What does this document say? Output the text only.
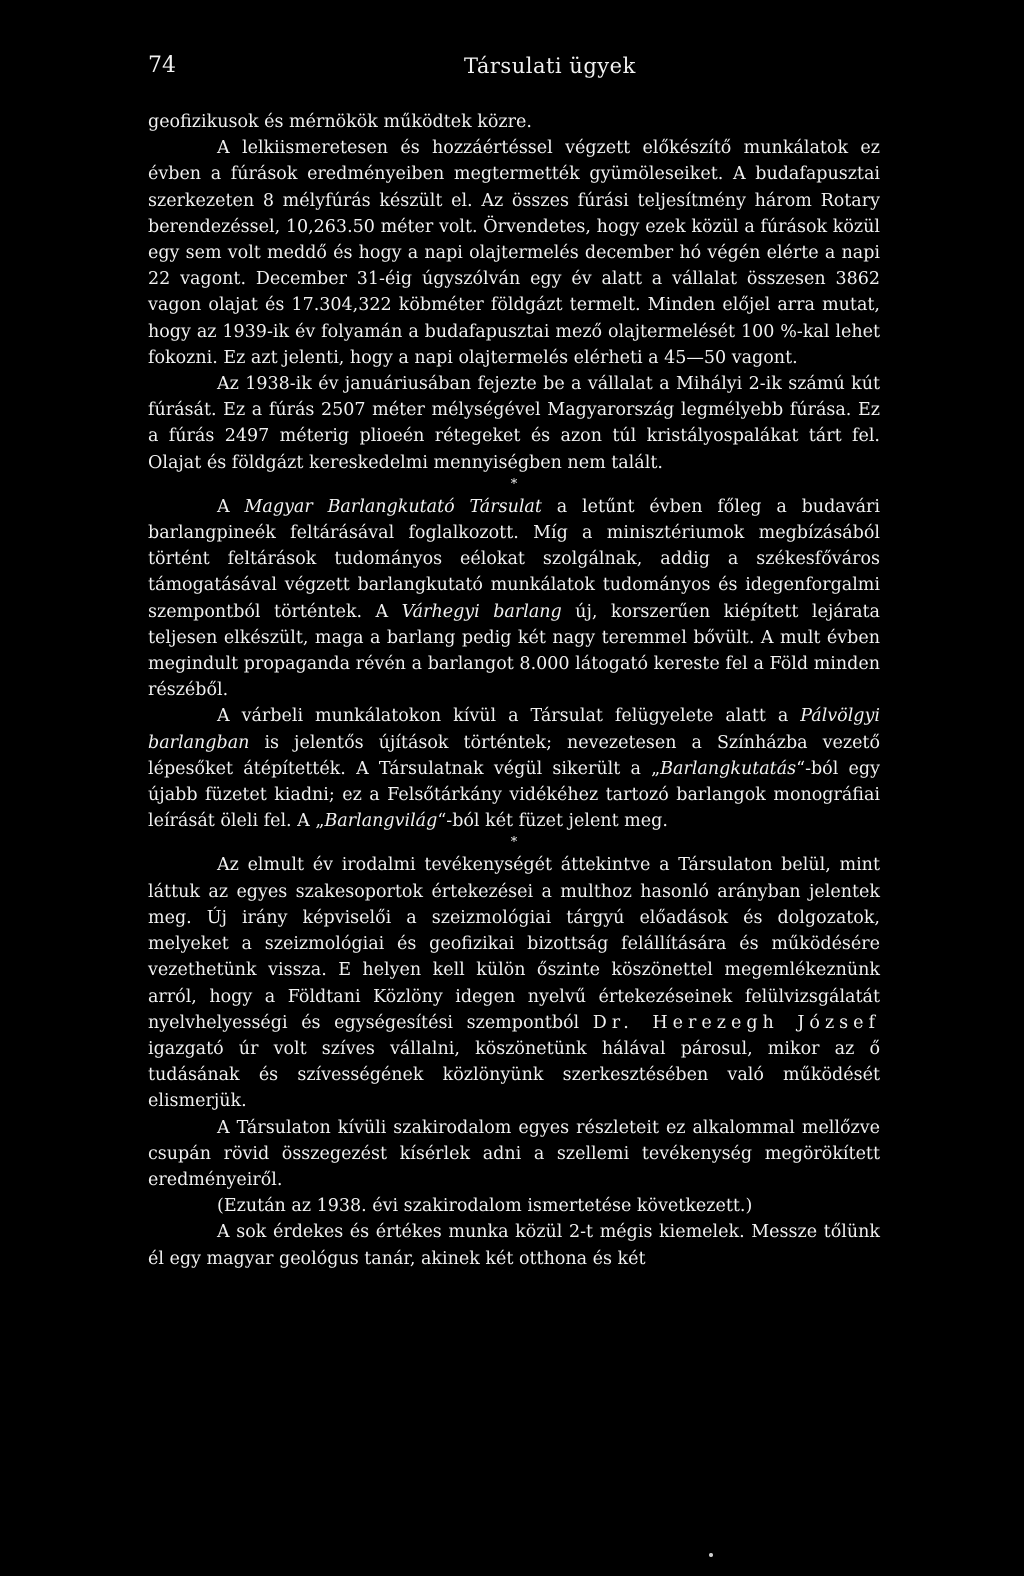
74	Társulati ügyek

geofizikusok és mérnökök működtek közre.

A lelkiismeretesen és hozzáértéssel végzett előkészítő munkálatok ez évben a fúrások eredményeiben megtermették gyümöleseiket. A budafapusztai szerkezeten 8 mélyfúrás készült el. Az összes fúrási teljesítmény három Rotary berendezéssel, 10,263.50 méter volt. Örvendetes, hogy ezek közül a fúrások közül egy sem volt meddő és hogy a napi olajtermelés december hó végén elérte a napi 22 vagont. December 31-éig úgyszólván egy év alatt a vállalat összesen 3862 vagon olajat és 17.304,322 köbméter földgázt termelt. Minden előjel arra mutat, hogy az 1939-ik év folyamán a budafapusztai mező olajtermelését 100 %-kal lehet fokozni. Ez azt jelenti, hogy a napi olajtermelés elérheti a 45—50 vagont.

Az 1938-ik év januáriusában fejezte be a vállalat a Mihályi 2-ik számú kút fúrását. Ez a fúrás 2507 méter mélységével Magyarország legmélyebb fúrása. Ez a fúrás 2497 méterig plioeén rétegeket és azon túl kristályospalákat tárt fel. Olajat és földgázt kereskedelmi mennyiségben nem talált.

*

A Magyar Barlangkutató Társulat a letűnt évben főleg a budavári barlangpineék feltárásával foglalkozott. Míg a minisztériumok megbízásából történt feltárások tudományos eélokat szolgálnak, addig a székesfőváros támogatásával végzett barlangkutató munkálatok tudományos és idegenforgalmi szempontból történtek. A Várhegyi barlang új, korszerűen kiépített lejárata teljesen elkészült, maga a barlang pedig két nagy teremmel bővült. A mult évben megindult propaganda révén a barlangot 8.000 látogató kereste fel a Föld minden részéből.

A várbeli munkálatokon kívül a Társulat felügyelete alatt a Pálvölgyi barlangban is jelentős újítások történtek; nevezetesen a Színházba vezető lépesőket átépítették. A Társulatnak végül sikerült a „Barlangkutatás“-ból egy újabb füzetet kiadni; ez a Felsőtárkány vidékéhez tartozó barlangok monográfiai leírását öleli fel. A „Barlangvilág“-ból két füzet jelent meg.

*

Az elmult év irodalmi tevékenységét áttekintve a Társulaton belül, mint láttuk az egyes szakesoportok értekezései a multhoz hasonló arányban jelentek meg. Új irány képviselői a szeizmológiai tárgyú előadások és dolgozatok, melyeket a szeizmológiai és geofizikai bizottság felállítására és működésére vezethetünk vissza. E helyen kell külön őszinte köszönettel megemlékeznünk arról, hogy a Földtani Közlöny idegen nyelvű értekezéseinek felülvizsgálatát nyelvhelyességi és egységesítési szempontból Dr. Herezegh József igazgató úr volt szíves vállalni, köszönetünk hálával párosul, mikor az ő tudásának és szívességének közlönyünk szerkesztésében való működését elismerjük.

A Társulaton kívüli szakirodalom egyes részleteit ez alkalommal mellőzve csupán rövid összegezést kísérlek adni a szellemi tevékenység megörökített eredményeiről.

(Ezután az 1938. évi szakirodalom ismertetése következett.)

A sok érdekes és értékes munka közül 2-t mégis kiemelek. Messze tőlünk él egy magyar geológus tanár, akinek két otthona és két
